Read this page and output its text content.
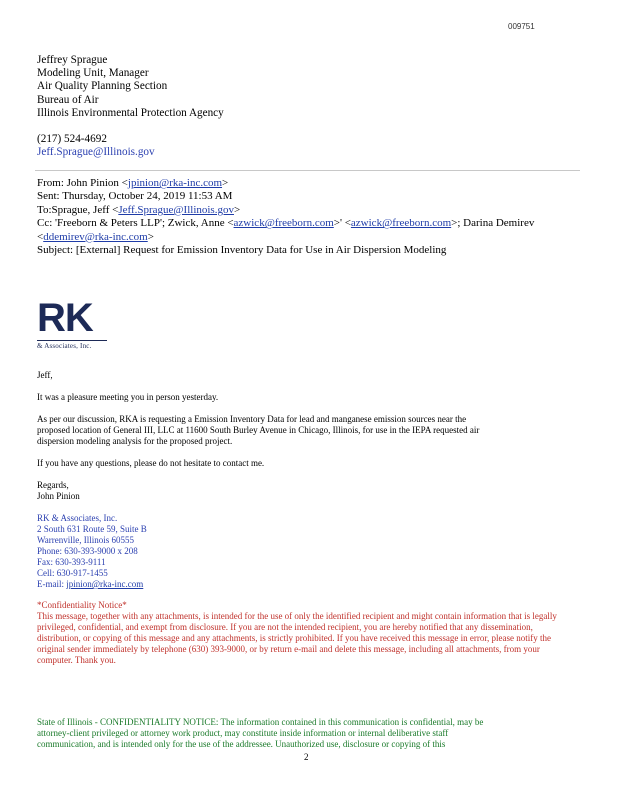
009751
Jeffrey Sprague
Modeling Unit, Manager
Air Quality Planning Section
Bureau of Air
Illinois Environmental Protection Agency
(217) 524-4692
Jeff.Sprague@Illinois.gov
From: John Pinion <jpinion@rka-inc.com>
Sent: Thursday, October 24, 2019 11:53 AM
To:Sprague, Jeff <Jeff.Sprague@Illinois.gov>
Cc: 'Freeborn & Peters LLP'; Zwick, Anne <azwick@freeborn.com>' <azwick@freeborn.com>; Darina Demirev
<ddemirev@rka-inc.com>
Subject: [External] Request for Emission Inventory Data for Use in Air Dispersion Modeling
RK
& Associates, Inc.

Jeff,

It was a pleasure meeting you in person yesterday.

As per our discussion, RKA is requesting a Emission Inventory Data for lead and manganese emission sources near the
proposed location of General III, LLC at 11600 South Burley Avenue in Chicago, Illinois, for use in the IEPA requested air
dispersion modeling analysis for the proposed project.

If you have any questions, please do not hesitate to contact me.

Regards,

John Pinion

RK & Associates, Inc.
2 South 631 Route 59, Suite B
Warrenville, Illinois 60555
Phone: 630-393-9000 x 208
Fax: 630-393-9111
Cell: 630-917-1455
E-mail: jpinion@rka-inc.com
*Confidentiality Notice*
This message, together with any attachments, is intended for the use of only the identified recipient and might contain information that is legally
privileged, confidential, and exempt from disclosure. If you are not the intended recipient, you are hereby notified that any dissemination,
distribution, or copying of this message and any attachments, is strictly prohibited. If you have received this message in error, please notify the
original sender immediately by telephone (630) 393-9000, or by return e-mail and delete this message, including all attachments, from your
computer. Thank you.
State of Illinois - CONFIDENTIALITY NOTICE: The information contained in this communication is confidential, may be
attorney-client privileged or attorney work product, may constitute inside information or internal deliberative staff
communication, and is intended only for the use of the addressee. Unauthorized use, disclosure or copying of this
2
